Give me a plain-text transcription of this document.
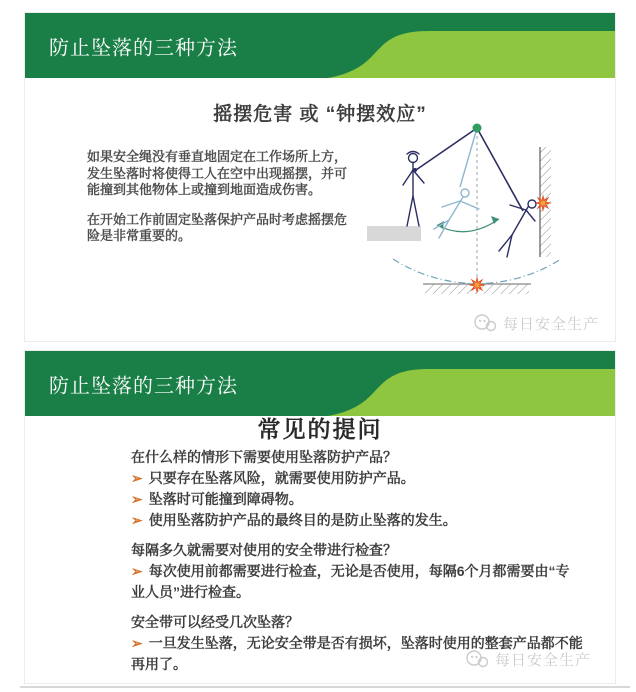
防止坠落的三种方法
摇摆危害 或 “钟摆效应”

如果安全绳没有垂直地固定在工作场所上方，发生坠落时将使得工人在空中出现摇摆，并可能撞到其他物体上或撞到地面造成伤害。

在开始工作前固定坠落保护产品时考虑摇摆危险是非常重要的。

每日安全生产
防止坠落的三种方法
常见的提问
在什么样的情形下需要使用坠落防护产品？
➢ 只要存在坠落风险，就需要使用防护产品。
➢ 坠落时可能撞到障碍物。
➢ 使用坠落防护产品的最终目的是防止坠落的发生。
每隔多久就需要对使用的安全带进行检查？
➢ 每次使用前都需要进行检查，无论是否使用，每隔6个月都需要由“专业人员”进行检查。
安全带可以经受几次坠落？
➢ 一旦发生坠落，无论安全带是否有损坏，坠落时使用的整套产品都不能再用了。	每日安全生产
